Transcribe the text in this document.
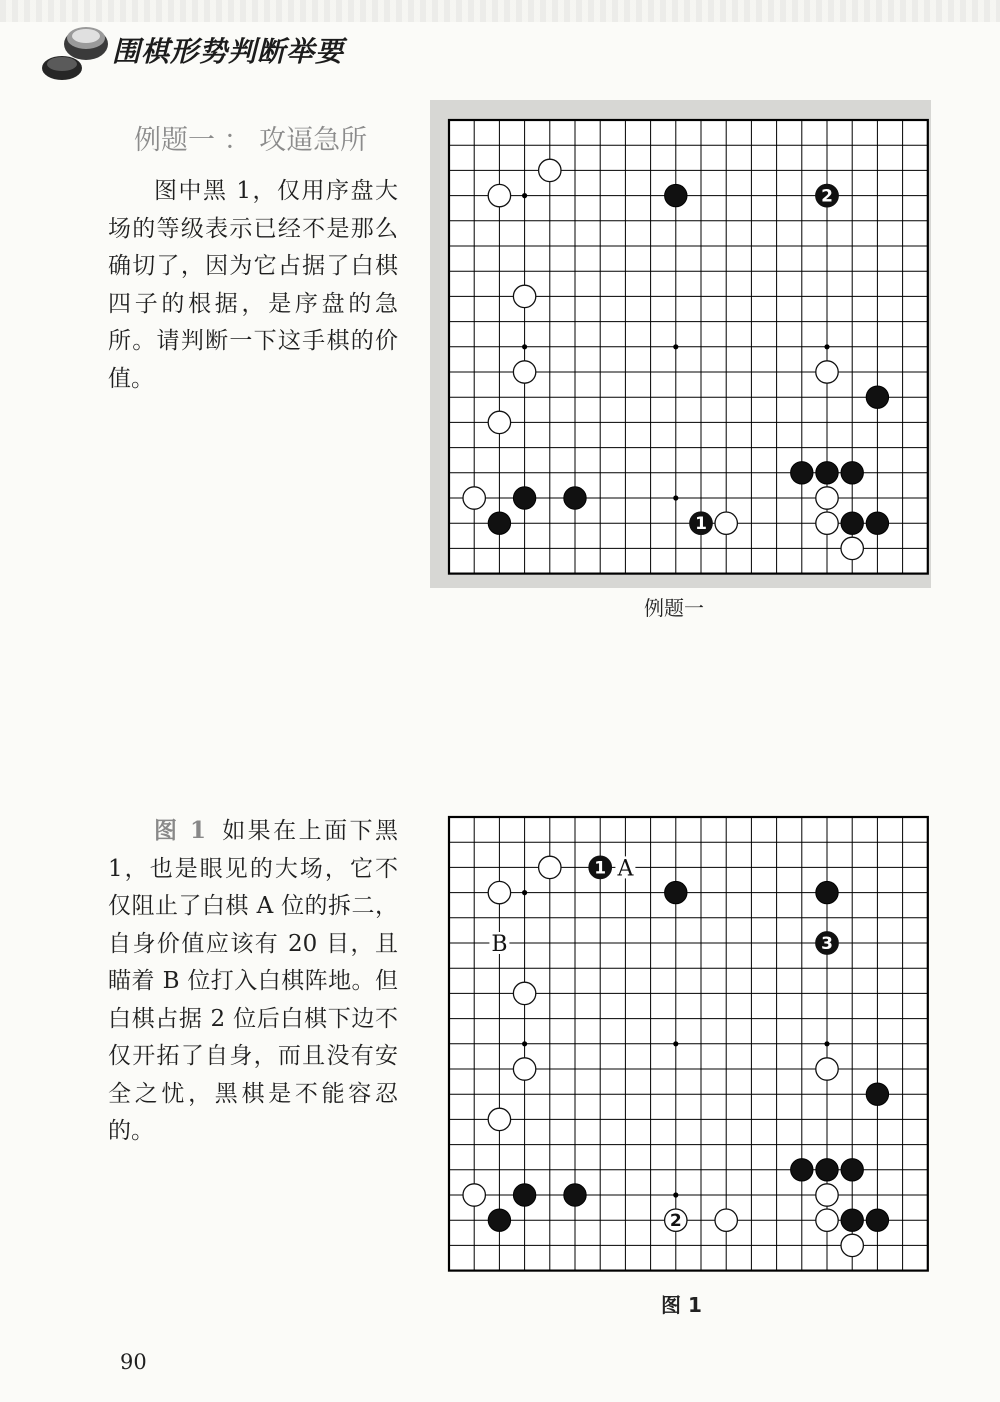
围棋形势判断举要
例题一 ： 攻逼急所
图中黑 1，仅用序盘大场的等级表示已经不是那么确切了，因为它占据了白棋四子的根据，是序盘的急所。请判断一下这手棋的价值。
1
2
例题一
图 1 如果在上面下黑 1，也是眼见的大场，它不仅阻止了白棋 A 位的拆二，自身价值应该有 20 目，且瞄着 B 位打入白棋阵地。但白棋占据 2 位后白棋下边不仅开拓了自身，而且没有安全之忧，黑棋是不能容忍的。
1
3
2
A
B
图 1
90
